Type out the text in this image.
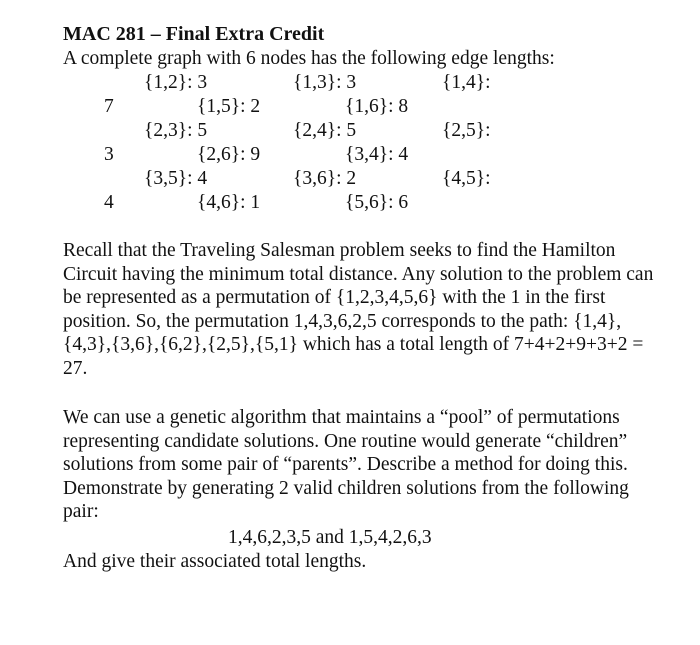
MAC 281 – Final Extra Credit
A complete graph with 6 nodes has the following edge lengths:
{1,2}: 3	{1,3}: 3	{1,4}:
7	{1,5}: 2	{1,6}: 8
{2,3}: 5	{2,4}: 5	{2,5}:
3	{2,6}: 9	{3,4}: 4
{3,5}: 4	{3,6}: 2	{4,5}:
4	{4,6}: 1	{5,6}: 6
Recall that the Traveling Salesman problem seeks to find the Hamilton Circuit having the minimum total distance. Any solution to the problem can be represented as a permutation of {1,2,3,4,5,6} with the 1 in the first position. So, the permutation 1,4,3,6,2,5 corresponds to the path: {1,4},{4,3},{3,6},{6,2},{2,5},{5,1} which has a total length of 7+4+2+9+3+2 = 27.
We can use a genetic algorithm that maintains a “pool” of permutations representing candidate solutions. One routine would generate “children” solutions from some pair of “parents”. Describe a method for doing this. Demonstrate by generating 2 valid children solutions from the following pair:
1,4,6,2,3,5 and 1,5,4,2,6,3
And give their associated total lengths.
